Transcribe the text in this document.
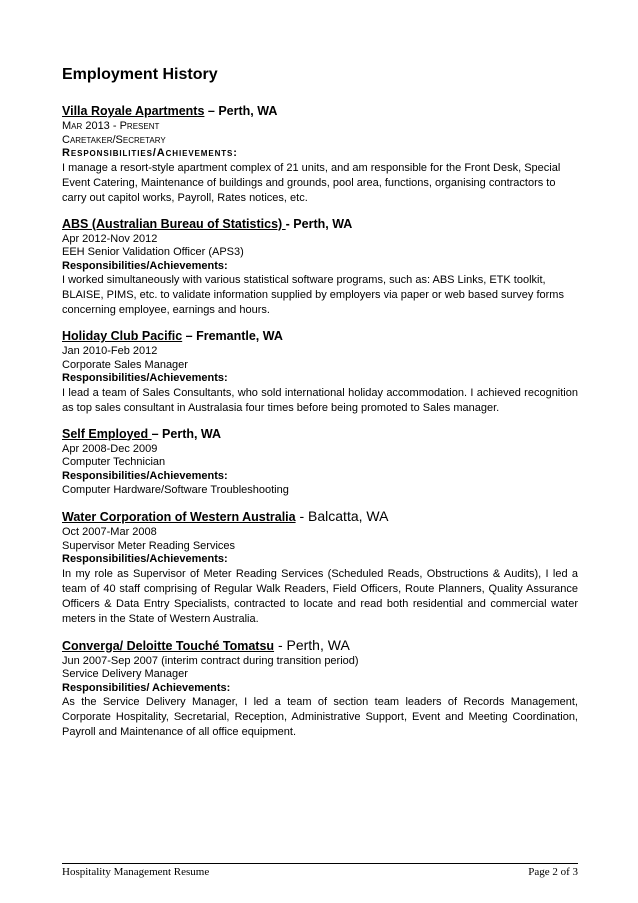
Employment History
Villa Royale Apartments – Perth, WA
Mar 2013 - Present
Caretaker/Secretary
Responsibilities/Achievements:
I manage a resort-style apartment complex of 21 units, and am responsible for the Front Desk, Special Event Catering, Maintenance of buildings and grounds, pool area, functions, organising contractors to carry out capitol works, Payroll, Rates notices, etc.
ABS (Australian Bureau of Statistics) - Perth, WA
Apr 2012-Nov 2012
EEH Senior Validation Officer (APS3)
Responsibilities/Achievements:
I worked simultaneously with various statistical software programs, such as: ABS Links, ETK toolkit, BLAISE, PIMS, etc. to validate information supplied by employers via paper or web based survey forms concerning employee, earnings and hours.
Holiday Club Pacific – Fremantle, WA
Jan 2010-Feb 2012
Corporate Sales Manager
Responsibilities/Achievements:
I lead a team of Sales Consultants, who sold international holiday accommodation. I achieved recognition as top sales consultant in Australasia four times before being promoted to Sales manager.
Self Employed – Perth, WA
Apr 2008-Dec 2009
Computer Technician
Responsibilities/Achievements:
Computer Hardware/Software Troubleshooting
Water Corporation of Western Australia - Balcatta, WA
Oct 2007-Mar 2008
Supervisor Meter Reading Services
Responsibilities/Achievements:
In my role as Supervisor of Meter Reading Services (Scheduled Reads, Obstructions & Audits), I led a team of 40 staff comprising of Regular Walk Readers, Field Officers, Route Planners, Quality Assurance Officers & Data Entry Specialists, contracted to locate and read both residential and commercial water meters in the State of Western Australia.
Converga/ Deloitte Touché Tomatsu - Perth, WA
Jun 2007-Sep 2007 (interim contract during transition period)
Service Delivery Manager
Responsibilities/ Achievements:
As the Service Delivery Manager, I led a team of section team leaders of Records Management, Corporate Hospitality, Secretarial, Reception, Administrative Support, Event and Meeting Coordination, Payroll and Maintenance of all office equipment.
Hospitality Management Resume	Page 2 of 3
